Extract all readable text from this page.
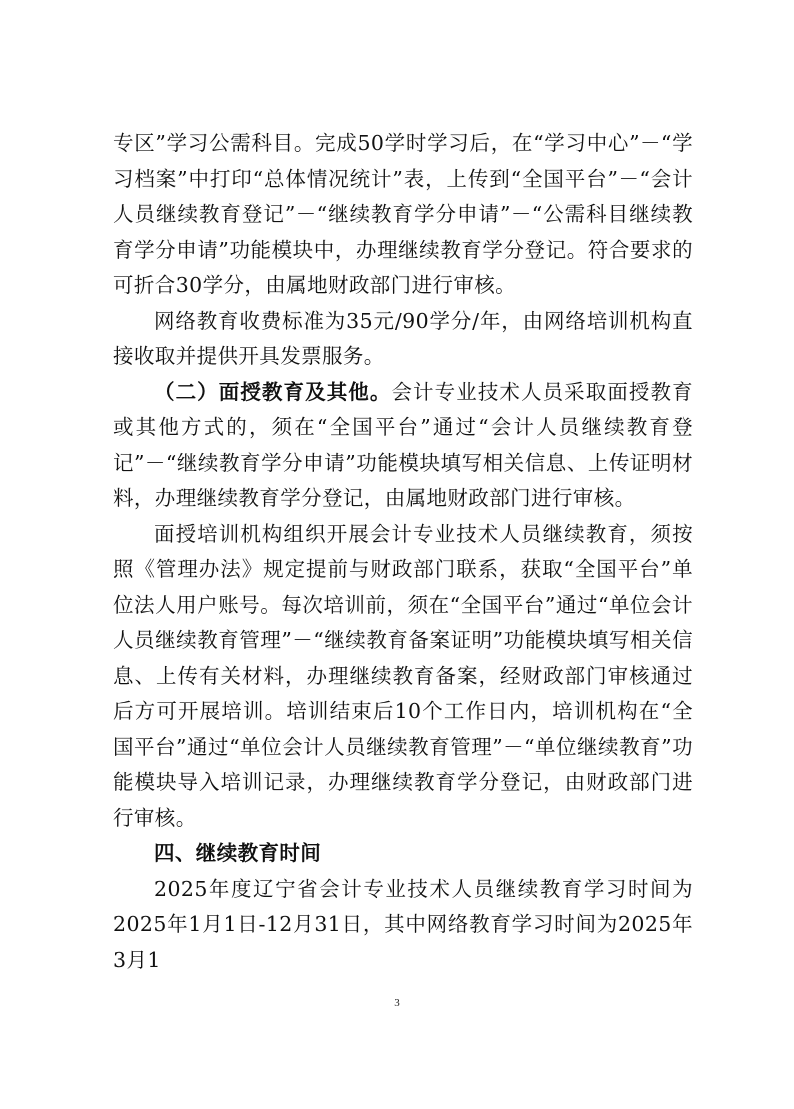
专区”学习公需科目。完成50学时学习后，在“学习中心”－“学习档案”中打印“总体情况统计”表，上传到“全国平台”－“会计人员继续教育登记”－“继续教育学分申请”－“公需科目继续教育学分申请”功能模块中，办理继续教育学分登记。符合要求的可折合30学分，由属地财政部门进行审核。

网络教育收费标准为35元/90学分/年，由网络培训机构直接收取并提供开具发票服务。

（二）面授教育及其他。会计专业技术人员采取面授教育或其他方式的，须在“全国平台”通过“会计人员继续教育登记”－“继续教育学分申请”功能模块填写相关信息、上传证明材料，办理继续教育学分登记，由属地财政部门进行审核。

面授培训机构组织开展会计专业技术人员继续教育，须按照《管理办法》规定提前与财政部门联系，获取“全国平台”单位法人用户账号。每次培训前，须在“全国平台”通过“单位会计人员继续教育管理”－“继续教育备案证明”功能模块填写相关信息、上传有关材料，办理继续教育备案，经财政部门审核通过后方可开展培训。培训结束后10个工作日内，培训机构在“全国平台”通过“单位会计人员继续教育管理”－“单位继续教育”功能模块导入培训记录，办理继续教育学分登记，由财政部门进行审核。

四、继续教育时间

2025年度辽宁省会计专业技术人员继续教育学习时间为2025年1月1日-12月31日，其中网络教育学习时间为2025年3月1

3
